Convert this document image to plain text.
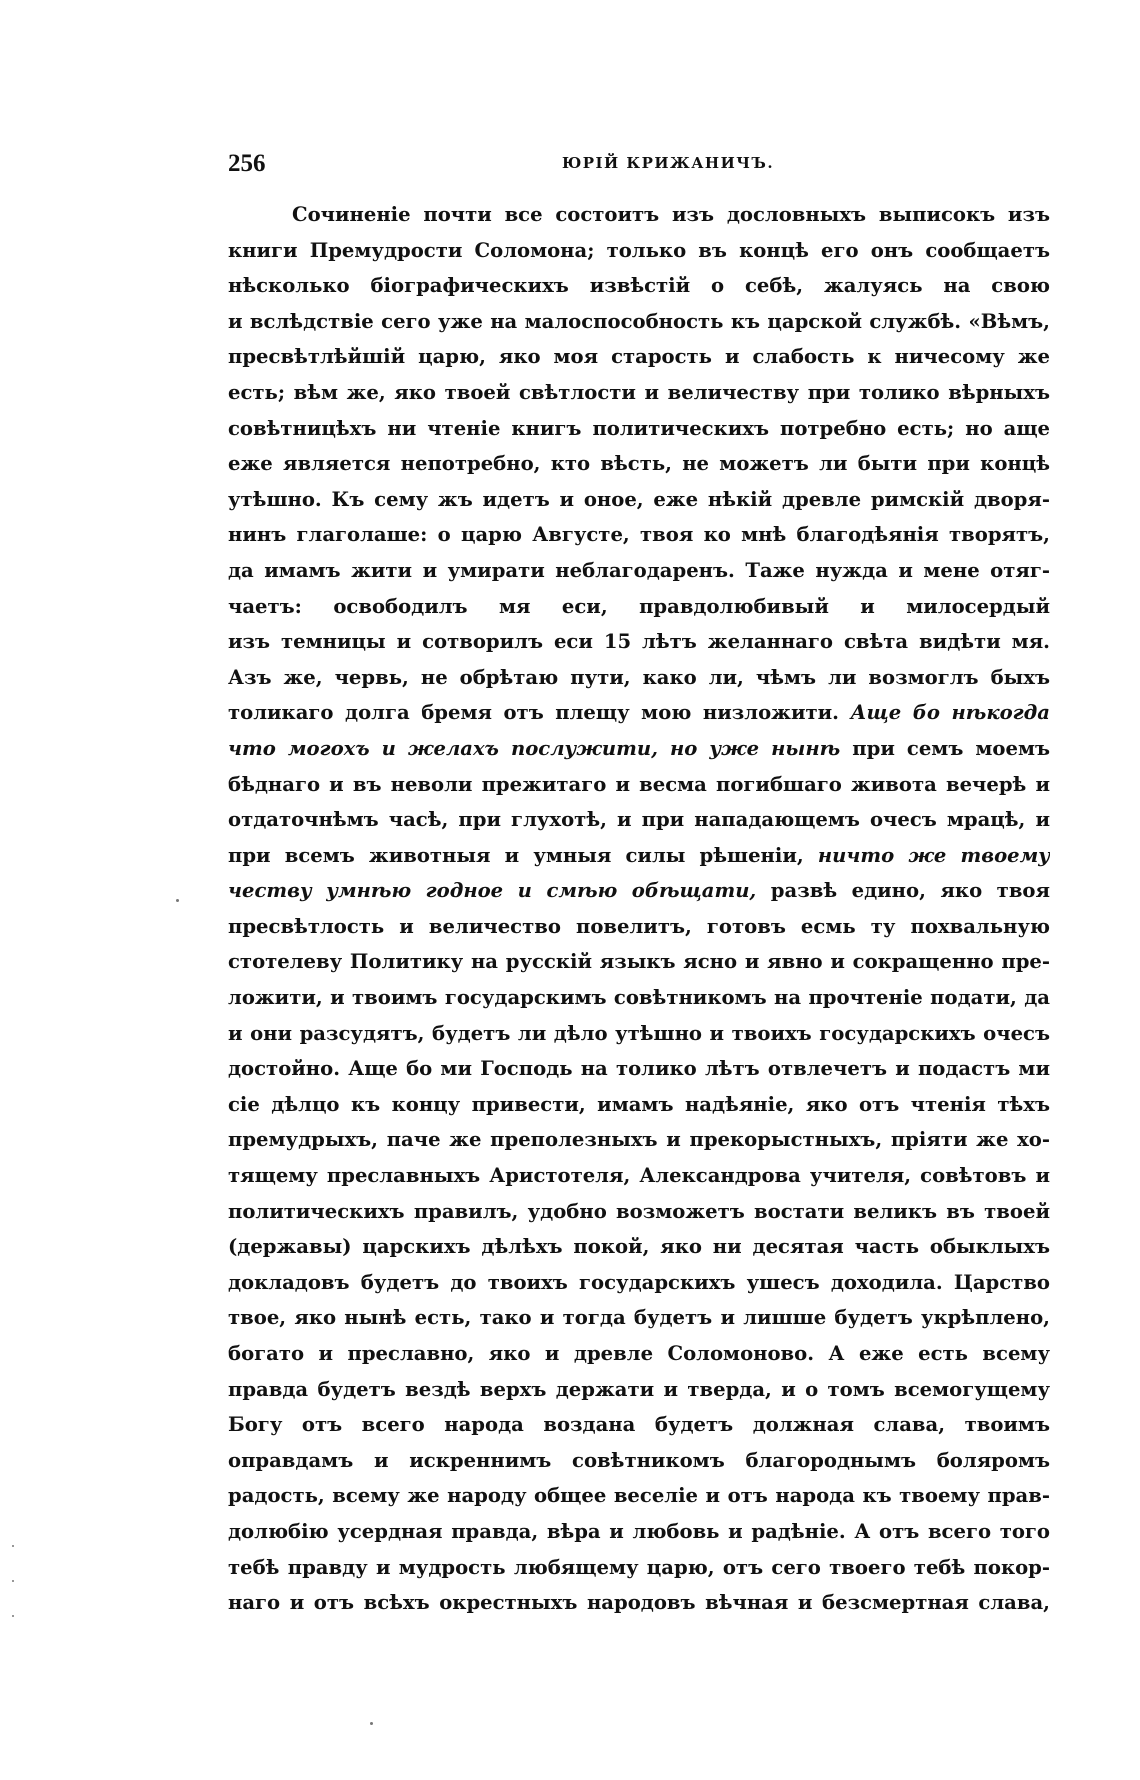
256	ЮРІЙ КРИЖАНИЧЪ.
Сочиненіе почти все состоитъ изъ дословныхъ выписокъ изъ
книги Премудрости Соломона; только въ концѣ его онъ сообщаетъ
нѣсколько біографическихъ извѣстій о себѣ, жалуясь на свою
и вслѣдствіе сего уже на малоспособность къ царской службѣ. «Вѣмъ,
пресвѣтлѣйшій царю, яко моя старость и слабость к ничесому же
есть; вѣм же, яко твоей свѣтлости и величеству при толико вѣрныхъ
совѣтницѣхъ ни чтеніе книгъ политическихъ потребно есть; но аще
еже является непотребно, кто вѣсть, не можетъ ли быти при концѣ
утѣшно. Къ сему жъ идетъ и оное, еже нѣкій древле римскій дворя-
нинъ глаголаше: о царю Августе, твоя ко мнѣ благодѣянія творятъ,
да имамъ жити и умирати неблагодаренъ. Таже нужда и мене отяг-
чаетъ: освободилъ мя еси, правдолюбивый и милосердый
изъ темницы и сотворилъ еси 15 лѣтъ желаннаго свѣта видѣти мя.
Азъ же, червь, не обрѣтаю пути, како ли, чѣмъ ли возмоглъ быхъ
толикаго долга бремя отъ плещу мою низложити. Аще бо нѣкогда
что могохъ и желахъ послужити, но уже нынѣ при семъ моемъ
бѣднаго и въ неволи прежитаго и весма погибшаго живота вечерѣ и
отдаточнѣмъ часѣ, при глухотѣ, и при нападающемъ очесъ мрацѣ, и
при всемъ животныя и умныя силы рѣшеніи, ничто же твоему
честву умнѣю годное и смѣю обѣщати, развѣ едино, яко твоя
пресвѣтлость и величество повелитъ, готовъ есмь ту похвальную
стотелеву Политику на русскій языкъ ясно и явно и сокращенно пре-
ложити, и твоимъ государскимъ совѣтникомъ на прочтеніе подати, да
и они разсудятъ, будетъ ли дѣло утѣшно и твоихъ государскихъ очесъ
достойно. Аще бо ми Господь на толико лѣтъ отвлечетъ и подастъ ми
сіе дѣлцо къ концу привести, имамъ надѣяніе, яко отъ чтенія тѣхъ
премудрыхъ, паче же преполезныхъ и прекорыстныхъ, пріяти же хо-
тящему преславныхъ Аристотеля, Александрова учителя, совѣтовъ и
политическихъ правилъ, удобно возможетъ востати великъ въ твоей
(державы) царскихъ дѣлѣхъ покой, яко ни десятая часть обыклыхъ
докладовъ будетъ до твоихъ государскихъ ушесъ доходила. Царство
твое, яко нынѣ есть, тако и тогда будетъ и лишше будетъ укрѣплено,
богато и преславно, яко и древле Соломоново. А еже есть всему
правда будетъ вездѣ верхъ держати и тверда, и о томъ всемогущему
Богу отъ всего народа воздана будетъ должная слава, твоимъ
оправдамъ и искреннимъ совѣтникомъ благороднымъ боляромъ
радость, всему же народу общее веселіе и отъ народа къ твоему прав-
долюбію усердная правда, вѣра и любовь и радѣніе. А отъ всего того
тебѣ правду и мудрость любящему царю, отъ сего твоего тебѣ покор-
наго и отъ всѣхъ окрестныхъ народовъ вѣчная и безсмертная слава,
